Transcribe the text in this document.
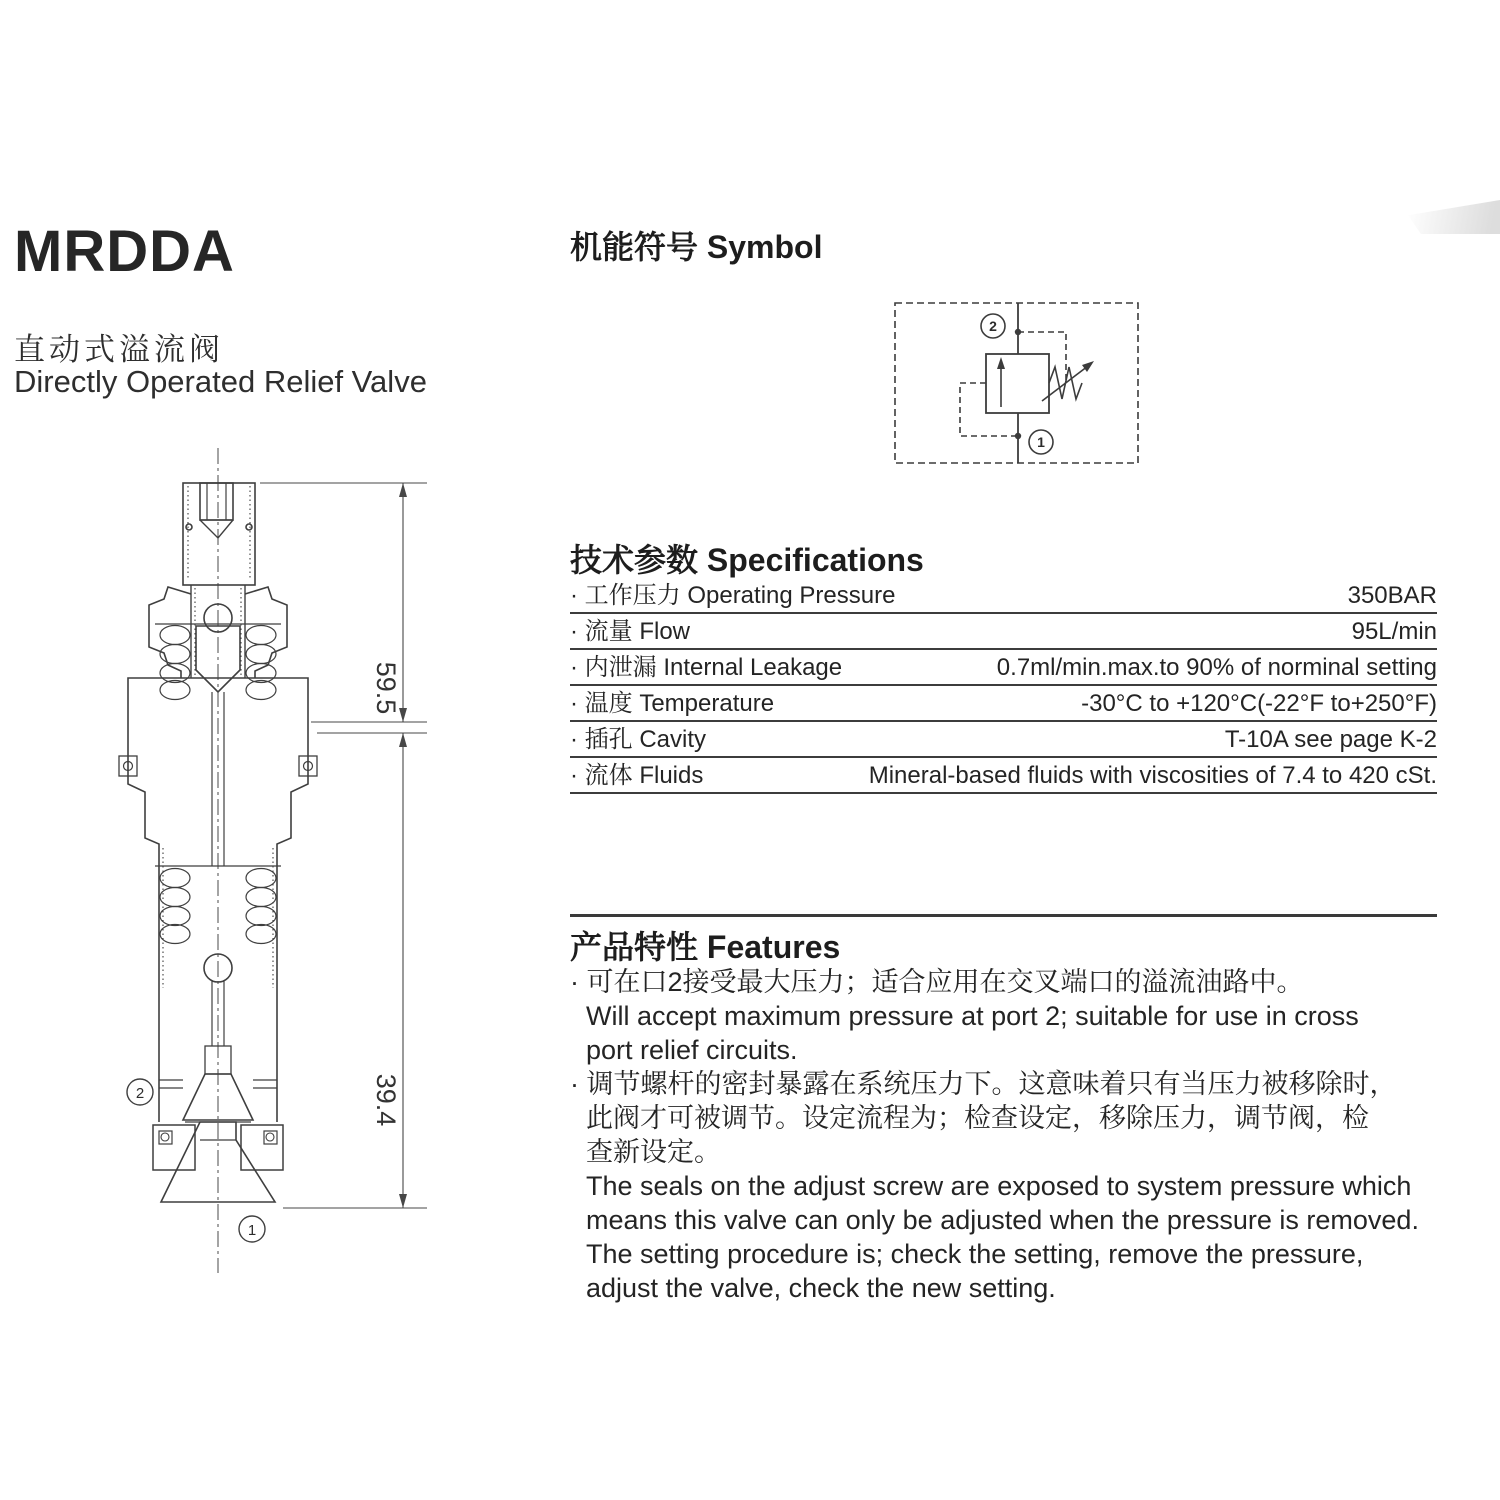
MRDDA
直动式溢流阀
Directly Operated Relief Valve
机能符号 Symbol
2
1
技术参数 Specifications
· 工作压力 Operating Pressure	350BAR
· 流量 Flow	95L/min
· 内泄漏 Internal Leakage	0.7ml/min.max.to 90% of norminal setting
· 温度 Temperature	-30°C to +120°C(-22°F to+250°F)
· 插孔 Cavity	T-10A see page K-2
· 流体 Fluids	Mineral-based fluids with viscosities of 7.4 to 420 cSt.
产品特性 Features
· 可在口2接受最大压力；适合应用在交叉端口的溢流油路中。
Will accept maximum pressure at port 2; suitable for use in cross
port relief circuits.
· 调节螺杆的密封暴露在系统压力下。这意味着只有当压力被移除时，
此阀才可被调节。设定流程为；检查设定，移除压力，调节阀，检
查新设定。
The seals on the adjust screw are exposed to system pressure which
means this valve can only be adjusted when the pressure is removed.
The setting procedure is; check the setting, remove the pressure,
adjust the valve, check the new setting.
2
1
59.5
39.4
